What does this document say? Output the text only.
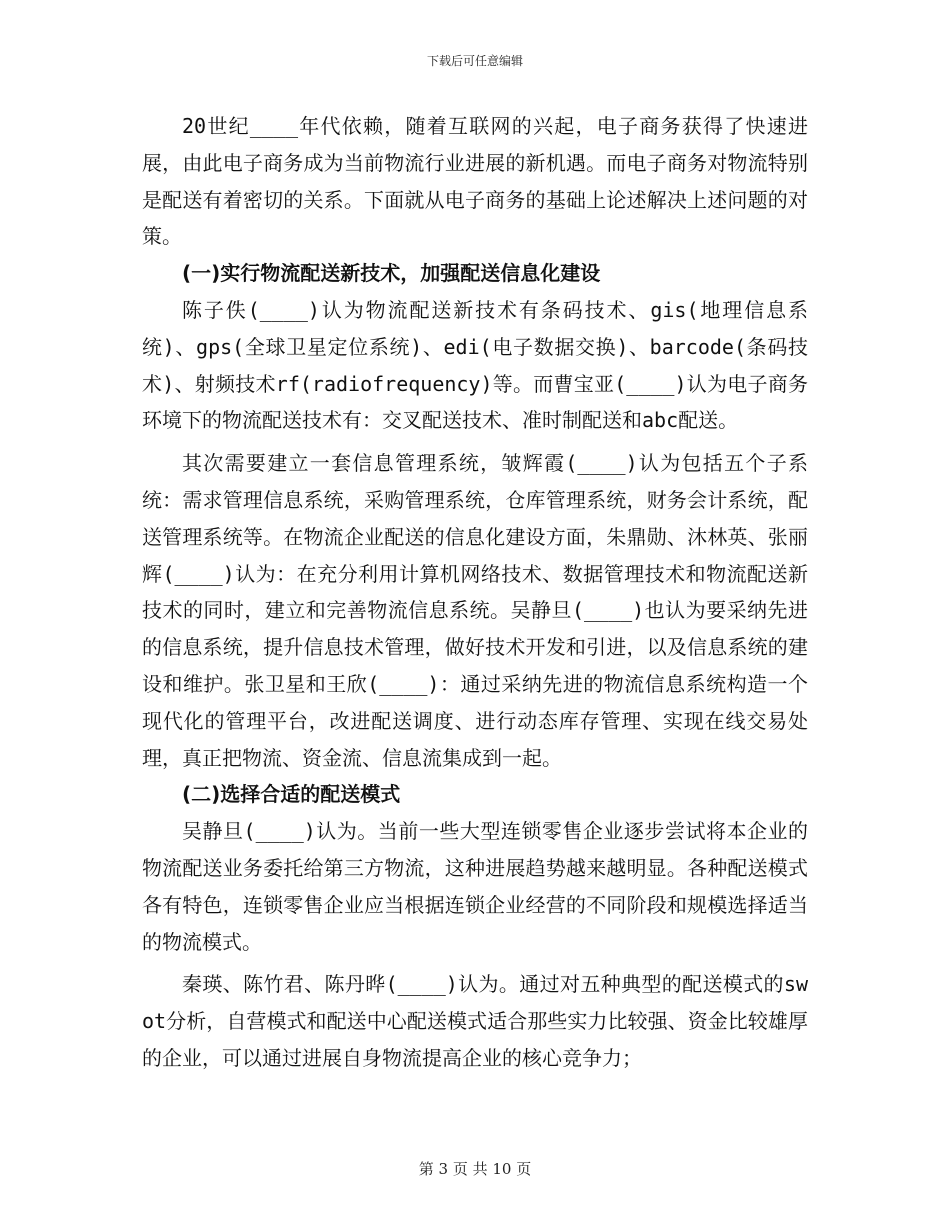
下载后可任意编辑

20世纪____年代依赖，随着互联网的兴起，电子商务获得了快速进展，由此电子商务成为当前物流行业进展的新机遇。而电子商务对物流特别是配送有着密切的关系。下面就从电子商务的基础上论述解决上述问题的对策。

(一)实行物流配送新技术，加强配送信息化建设

陈子佚(____)认为物流配送新技术有条码技术、gis(地理信息系统)、gps(全球卫星定位系统)、edi(电子数据交换)、barcode(条码技术)、射频技术rf(radiofrequency)等。而曹宝亚(____)认为电子商务环境下的物流配送技术有：交叉配送技术、准时制配送和abc配送。

其次需要建立一套信息管理系统，皱辉霞(____)认为包括五个子系统：需求管理信息系统，采购管理系统，仓库管理系统，财务会计系统，配送管理系统等。在物流企业配送的信息化建设方面，朱鼎勋、沐林英、张丽辉(____)认为：在充分利用计算机网络技术、数据管理技术和物流配送新技术的同时，建立和完善物流信息系统。吴静旦(____)也认为要采纳先进的信息系统，提升信息技术管理，做好技术开发和引进，以及信息系统的建设和维护。张卫星和王欣(____)：通过采纳先进的物流信息系统构造一个现代化的管理平台，改进配送调度、进行动态库存管理、实现在线交易处理，真正把物流、资金流、信息流集成到一起。

(二)选择合适的配送模式

吴静旦(____)认为。当前一些大型连锁零售企业逐步尝试将本企业的物流配送业务委托给第三方物流，这种进展趋势越来越明显。各种配送模式各有特色，连锁零售企业应当根据连锁企业经营的不同阶段和规模选择适当的物流模式。

秦瑛、陈竹君、陈丹晔(____)认为。通过对五种典型的配送模式的swot分析，自营模式和配送中心配送模式适合那些实力比较强、资金比较雄厚的企业，可以通过进展自身物流提高企业的核心竞争力；

第 3 页 共 10 页
